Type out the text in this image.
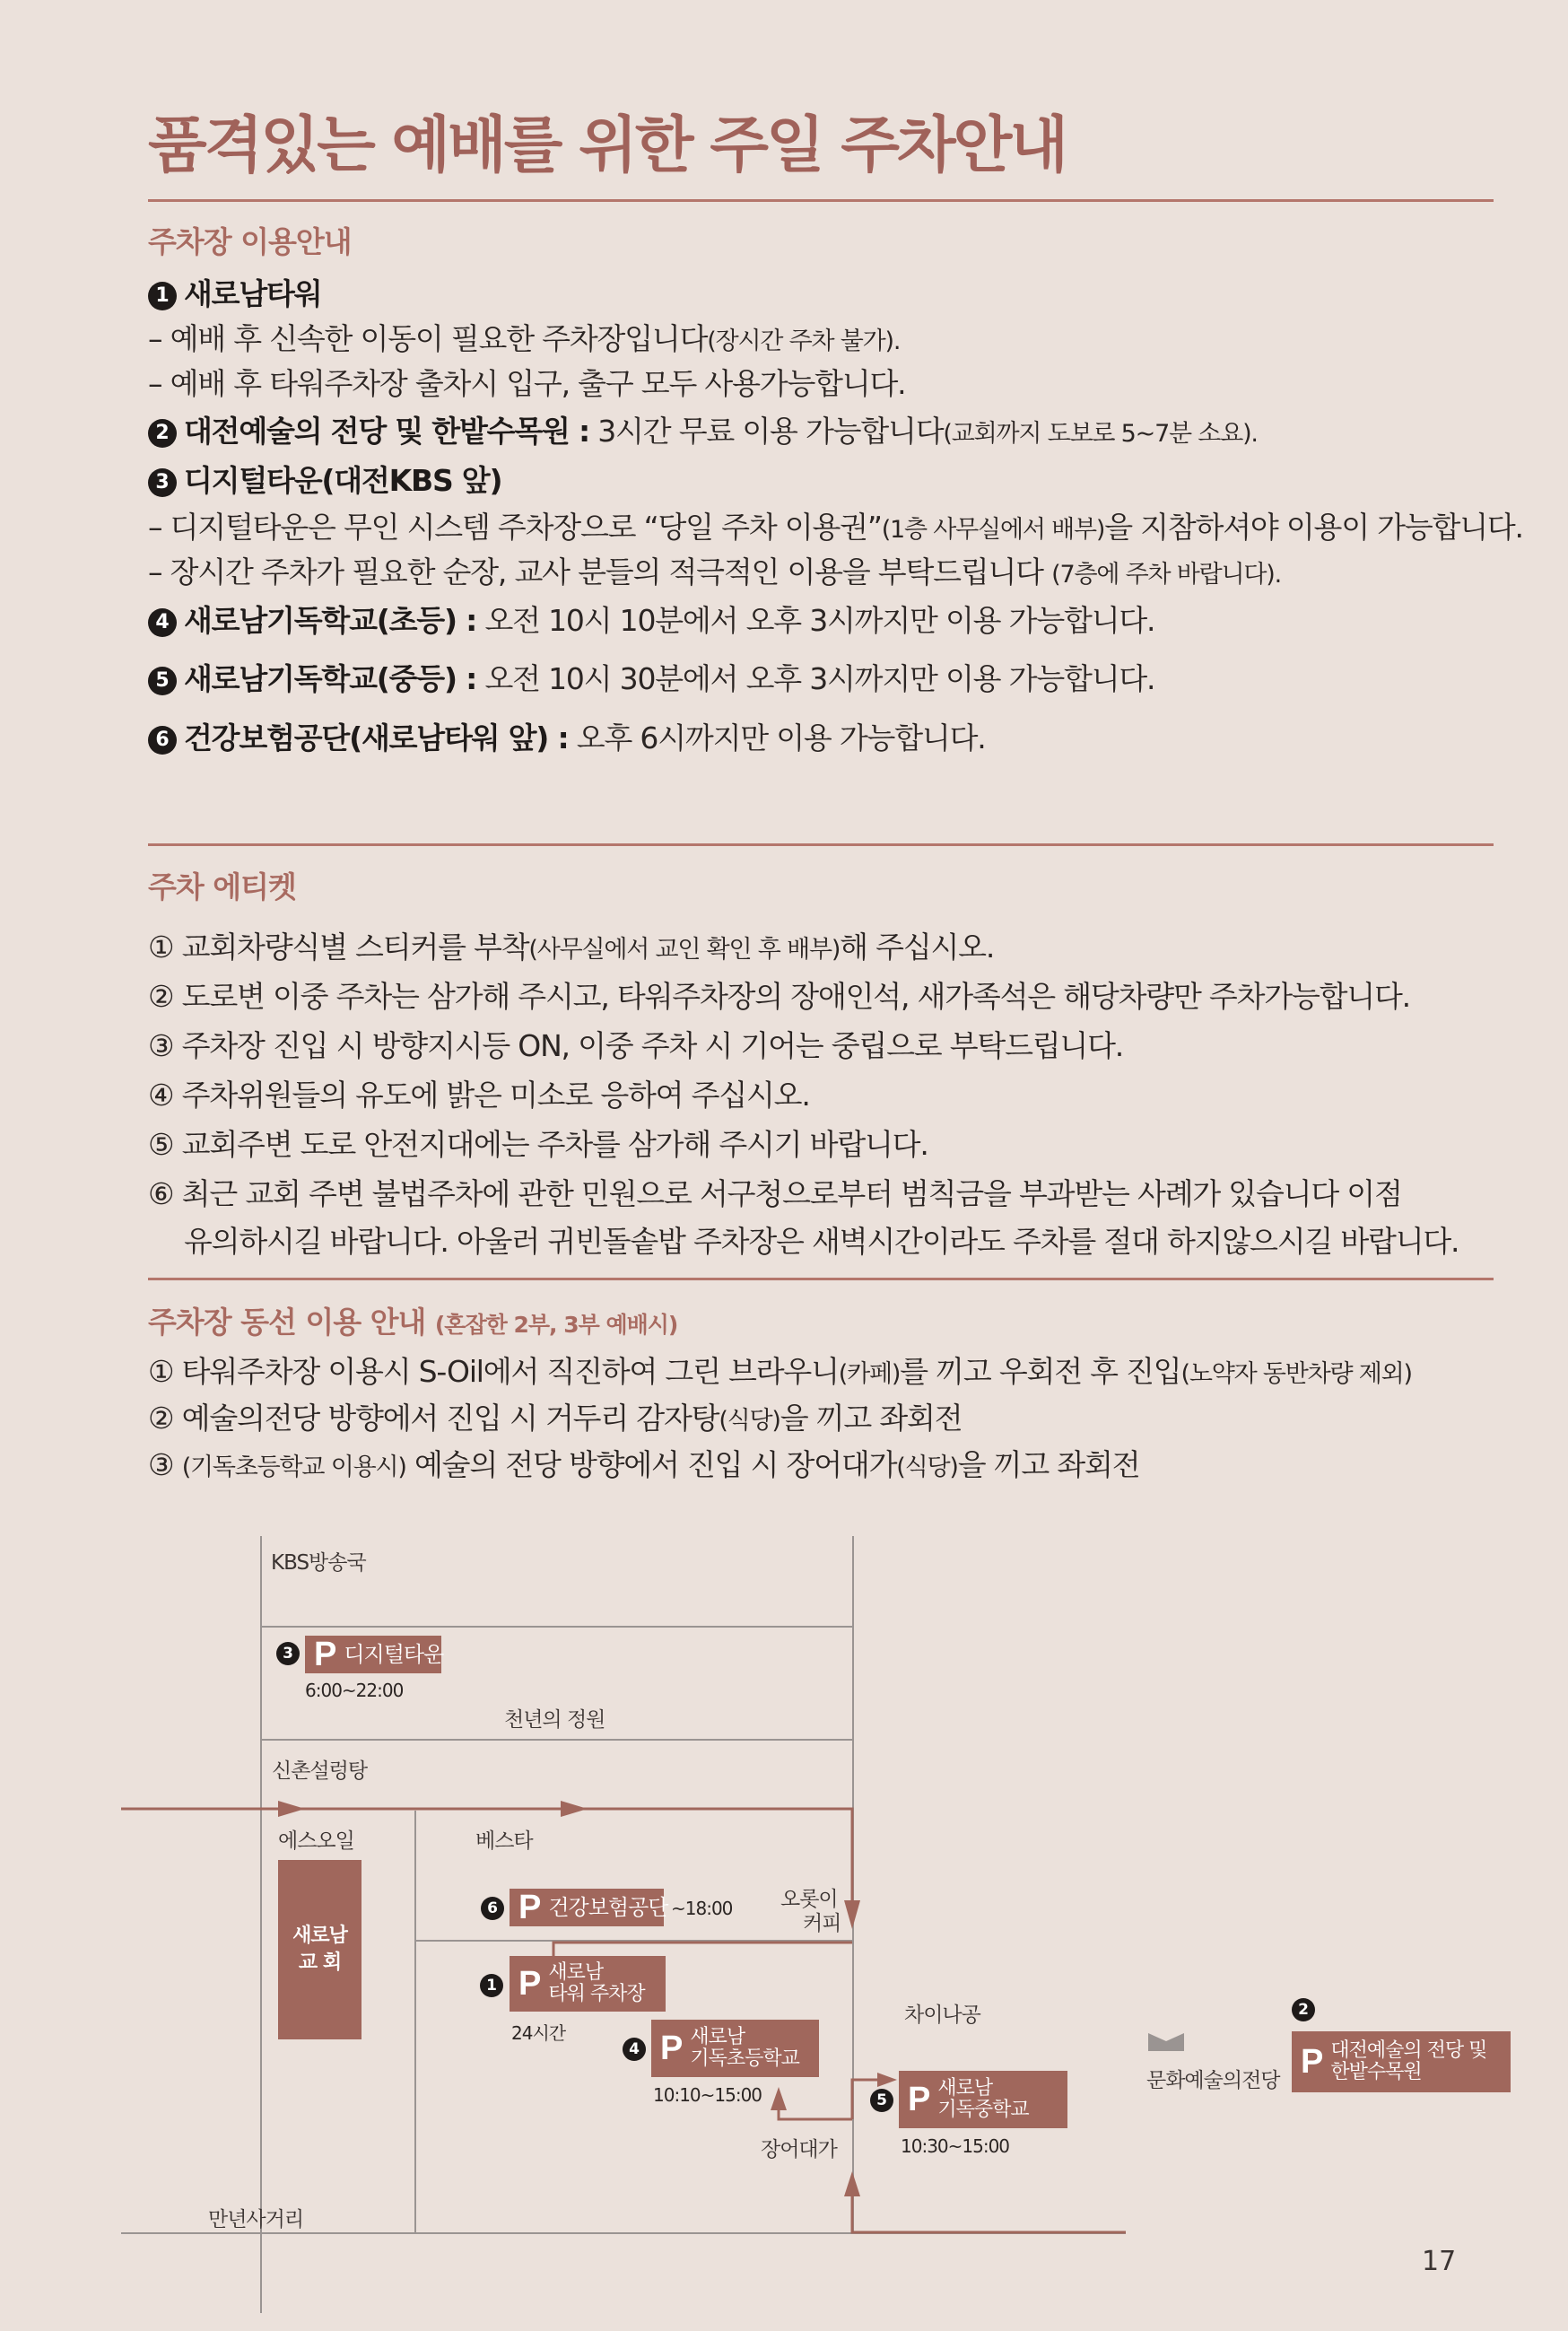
품격있는 예배를 위한 주일 주차안내
주차장 이용안내
1 새로남타워
– 예배 후 신속한 이동이 필요한 주차장입니다(장시간 주차 불가).
– 예배 후 타워주차장 출차시 입구, 출구 모두 사용가능합니다.
2 대전예술의 전당 및 한밭수목원 : 3시간 무료 이용 가능합니다(교회까지 도보로 5~7분 소요).
3 디지털타운(대전KBS 앞)
– 디지털타운은 무인 시스템 주차장으로 “당일 주차 이용권”(1층 사무실에서 배부)을 지참하셔야 이용이 가능합니다.
– 장시간 주차가 필요한 순장, 교사 분들의 적극적인 이용을 부탁드립니다 (7층에 주차 바랍니다).
4 새로남기독학교(초등) : 오전 10시 10분에서 오후 3시까지만 이용 가능합니다.
5 새로남기독학교(중등) : 오전 10시 30분에서 오후 3시까지만 이용 가능합니다.
6 건강보험공단(새로남타워 앞) : 오후 6시까지만 이용 가능합니다.
주차 에티켓
① 교회차량식별 스티커를 부착(사무실에서 교인 확인 후 배부)해 주십시오.
② 도로변 이중 주차는 삼가해 주시고, 타워주차장의 장애인석, 새가족석은 해당차량만 주차가능합니다.
③ 주차장 진입 시 방향지시등 ON, 이중 주차 시 기어는 중립으로 부탁드립니다.
④ 주차위원들의 유도에 밝은 미소로 응하여 주십시오.
⑤ 교회주변 도로 안전지대에는 주차를 삼가해 주시기 바랍니다.
⑥ 최근 교회 주변 불법주차에 관한 민원으로 서구청으로부터 범칙금을 부과받는 사례가 있습니다 이점
유의하시길 바랍니다. 아울러 귀빈돌솥밥 주차장은 새벽시간이라도 주차를 절대 하지않으시길 바랍니다.
주차장 동선 이용 안내 (혼잡한 2부, 3부 예배시)
① 타워주차장 이용시 S-Oil에서 직진하여 그린 브라우니(카페)를 끼고 우회전 후 진입(노약자 동반차량 제외)
② 예술의전당 방향에서 진입 시 거두리 감자탕(식당)을 끼고 좌회전
③ (기독초등학교 이용시) 예술의 전당 방향에서 진입 시 장어대가(식당)을 끼고 좌회전
KBS방송국
3 P 디지털타운
6:00~22:00
천년의 정원
신촌설렁탕
에스오일	베스타
새로남 교 회
6 P 건강보험공단 ~18:00 오롯이
커피
1 P 새로남
타워 주차장
24시간
4 P 새로남
기독초등학교
10:10~15:00
차이나공
5 P 새로남
기독중학교
10:30~15:00
장어대가
문화예술의전당
2
P 대전예술의 전당 및
한밭수목원
만년사거리
17
